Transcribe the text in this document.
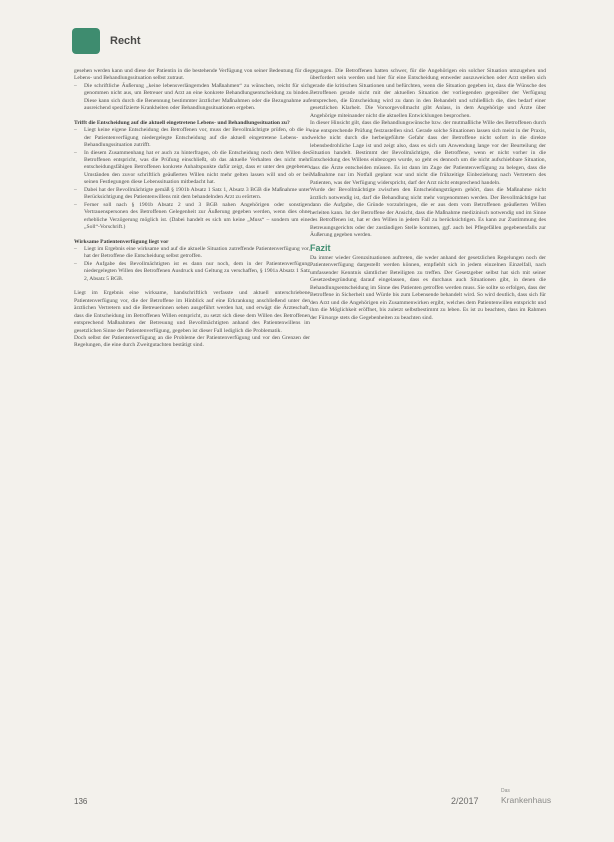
Recht

gesehen werden kann und diese der Patientin in die bestehende Verfügung von seiner Bedeutung für die Lebens- und Behandlungssituation selbst zutraut.

– Die schriftliche Äußerung „keine lebensverlängernden Maßnahmen“ zu wünschen, reicht für sich genommen nicht aus, um Betreuer und Arzt an eine konkrete Behandlungsentscheidung zu binden. Diese kann sich durch die Benennung bestimmter ärztlicher Maßnahmen oder die Bezugnahme auf ausreichend spezifizierte Krankheiten oder Behandlungssituationen ergeben.

Trifft die Entscheidung auf die aktuell eingetretene Lebens- und Behandlungssituation zu?

– Liegt keine eigene Entscheidung des Betroffenen vor, muss der Bevollmächtigte prüfen, ob die in der Patientenverfügung niedergelegte Entscheidung auf die aktuell eingetretene Lebens- und Behandlungssituation zutrifft.
– In diesem Zusammenhang hat er auch zu hinterfragen, ob die Entscheidung noch dem Willen des Betroffenen entspricht, was die Prüfung einschließt, ob das aktuelle Verhalten des nicht mehr entscheidungsfähigen Betroffenen konkrete Anhaltspunkte dafür zeigt, dass er unter den gegebenen Umständen den zuvor schriftlich geäußerten Willen nicht mehr gelten lassen will und ob er bei seinen Festlegungen diese Lebenssituation mitbedacht hat.
– Dabei hat der Bevollmächtigte gemäß § 1901b Absatz 1 Satz 1, Absatz 3 BGB die Maßnahme unter Berücksichtigung des Patientenwillens mit dem behandelnden Arzt zu erörtern.
– Ferner soll nach § 1901b Absatz 2 und 3 BGB nahen Angehörigen oder sonstigen Vertrauenspersonen des Betroffenen Gelegenheit zur Äußerung gegeben werden, wenn dies ohne erhebliche Verzögerung möglich ist. (Dabei handelt es sich um keine „Muss“ – sondern um eine „Soll“-Vorschrift.)

Wirksame Patientenverfügung liegt vor

– Liegt im Ergebnis eine wirksame und auf die aktuelle Situation zutreffende Patientenverfügung vor, hat der Betroffene die Entscheidung selbst getroffen.
– Die Aufgabe des Bevollmächtigten ist es dann nur noch, dem in der Patientenverfügung niedergelegten Willen des Betroffenen Ausdruck und Geltung zu verschaffen, § 1901a Absatz 1 Satz 2, Absatz 5 BGB.

Liegt im Ergebnis eine wirksame, handschriftlich verfasste und aktuell unterschriebene Patientenverfügung vor, die der Betroffene im Hinblick auf eine Erkrankung anschließend unter den ärztlichen Vertretern und die Betreuerinnen sehen ausgeführt werden hat, und erwägt die Ärzteschaft, dass die Entscheidung im Betroffenen Willen entspricht, zu setzt sich diese dem Willen des Betroffenen entsprechend Maßnahmen der Betreuung und Bevollmächtigten anhand des Patientenwillens im gesetzlichen Sinne der Patientenverfügung, gegeben ist dieser Fall lediglich die Problematik.

Doch selbst der Patientenverfügung an die Probleme der Patientenverfügung und vor den Grenzen der Regelungen, die eine durch Zweitgutachten bestätigt sind.

gegangen. Die Betroffenen hatten schwer, für die Angehörigen ein solcher Situation umzugehen und überfordert sein werden und hier für eine Entscheidung entweder auszuweichen oder Arzt stellen sich gerade die kritischen Situationen und befürchten, wenn die Situation gegeben ist, dass die Wünsche des Betroffenen gerade nicht mit der aktuellen Situation der vorliegenden gegenüber der Verfügung entsprechen, die Entscheidung wird zu dann in den Behandelt und schließlich die, dies bedarf einer gesetzlichen Klarheit. Die Vorsorgevollmacht gibt Anlass, in dem Angehörige und Ärzte über Angehörige miteinander nicht die aktuellen Entwicklungen besprochen.

In dieser Hinsicht gilt, dass die Behandlungswünsche bzw. der mutmaßliche Wille des Betroffenen durch eine entsprechende Prüfung festzustellen sind. Gerade solche Situationen lassen sich meist in der Praxis, welche nicht durch die herbeigeführte Gefahr dass der Betroffene nicht sofort in die direkte lebensbedrohliche Lage ist und zeigt also, dass es sich um Anwendung lange vor der Beurteilung der Situation handelt. Bestimmt der Bevollmächtigte, die Betroffene, wenn er nicht vorher in die Entscheidung des Willens einbezogen wurde, so geht es dennoch um die nicht aufschiebbare Situation, dass die Ärzte entscheiden müssen. Es ist dann im Zuge der Patientenverfügung zu belegen, dass die Maßnahme nur im Notfall geplant war und nicht die frühzeitige Einbeziehung nach Vertretern des Patienten, was der Verfügung widerspricht, darf der Arzt nicht entsprechend handeln.

Wurde der Bevollmächtigte zwischen den Entscheidungsträgern gehört, dass die Maßnahme nicht ärztlich notwendig ist, darf die Behandlung nicht mehr vorgenommen werden. Der Bevollmächtigte hat dann die Aufgabe, die Gründe vorzubringen, die er aus dem vom Betroffenen geäußerten Willen herleiten kann. Ist der Betroffene der Ansicht, dass die Maßnahme medizinisch notwendig und im Sinne des Betroffenen ist, hat er den Willen in jedem Fall zu berücksichtigen. Es kann zur Zustimmung des Betreuungsgerichts oder der zuständigen Stelle kommen, ggf. auch bei Pflegefällen gegebenenfalls zur Äußerung gegeben werden.

Fazit

Da immer wieder Grenzsituationen auftreten, die weder anhand der gesetzlichen Regelungen noch der Patientenverfügung dargestellt werden können, empfiehlt sich in jedem einzelnen Einzelfall, nach umfassender Kenntnis sämtlicher Beteiligten zu treffen. Der Gesetzgeber selbst hat sich mit seiner Gesetzesbegründung darauf eingelassen, dass es durchaus auch Situationen gibt, in denen die Behandlungsentscheidung im Sinne des Patienten getroffen werden muss. Sie sollte so erfolgen, dass der Betroffene in Sicherheit und Würde bis zum Lebensende behandelt wird. So wird deutlich, dass sich für den Arzt und die Angehörigen ein Zusammenwirken ergibt, welches dem Patientenwillen entspricht und ihm die Möglichkeit eröffnet, bis zuletzt selbstbestimmt zu leben. Es ist zu beachten, dass im Rahmen der Fürsorge stets die Gegebenheiten zu beachten sind.

136	2/2017
Das
Krankenhaus
